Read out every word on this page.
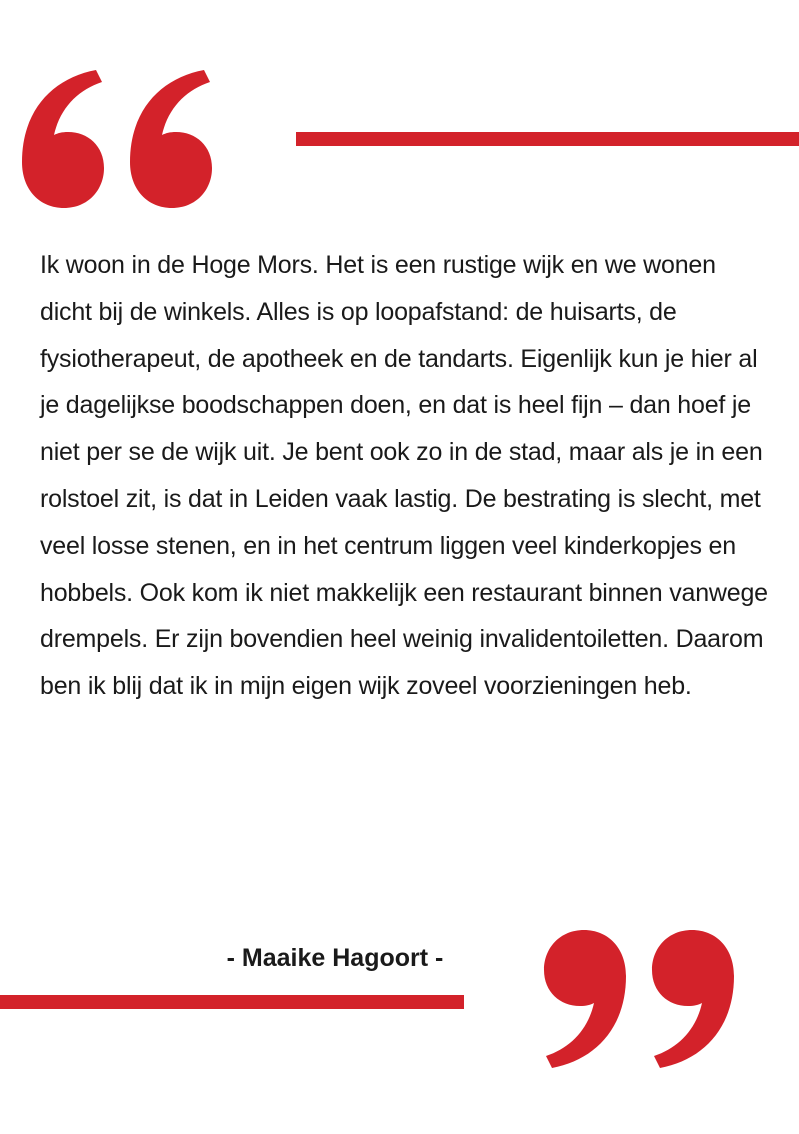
Ik woon in de Hoge Mors. Het is een rustige wijk en we wonen dicht bij de winkels. Alles is op loopafstand: de huisarts, de fysiotherapeut, de apotheek en de tandarts. Eigenlijk kun je hier al je dagelijkse boodschappen doen, en dat is heel fijn – dan hoef je niet per se de wijk uit. Je bent ook zo in de stad, maar als je in een rolstoel zit, is dat in Leiden vaak lastig. De bestrating is slecht, met veel losse stenen, en in het centrum liggen veel kinderkopjes en hobbels. Ook kom ik niet makkelijk een restaurant binnen vanwege drempels. Er zijn bovendien heel weinig invalidentoiletten. Daarom ben ik blij dat ik in mijn eigen wijk zoveel voorzieningen heb.

- Maaike Hagoort -
